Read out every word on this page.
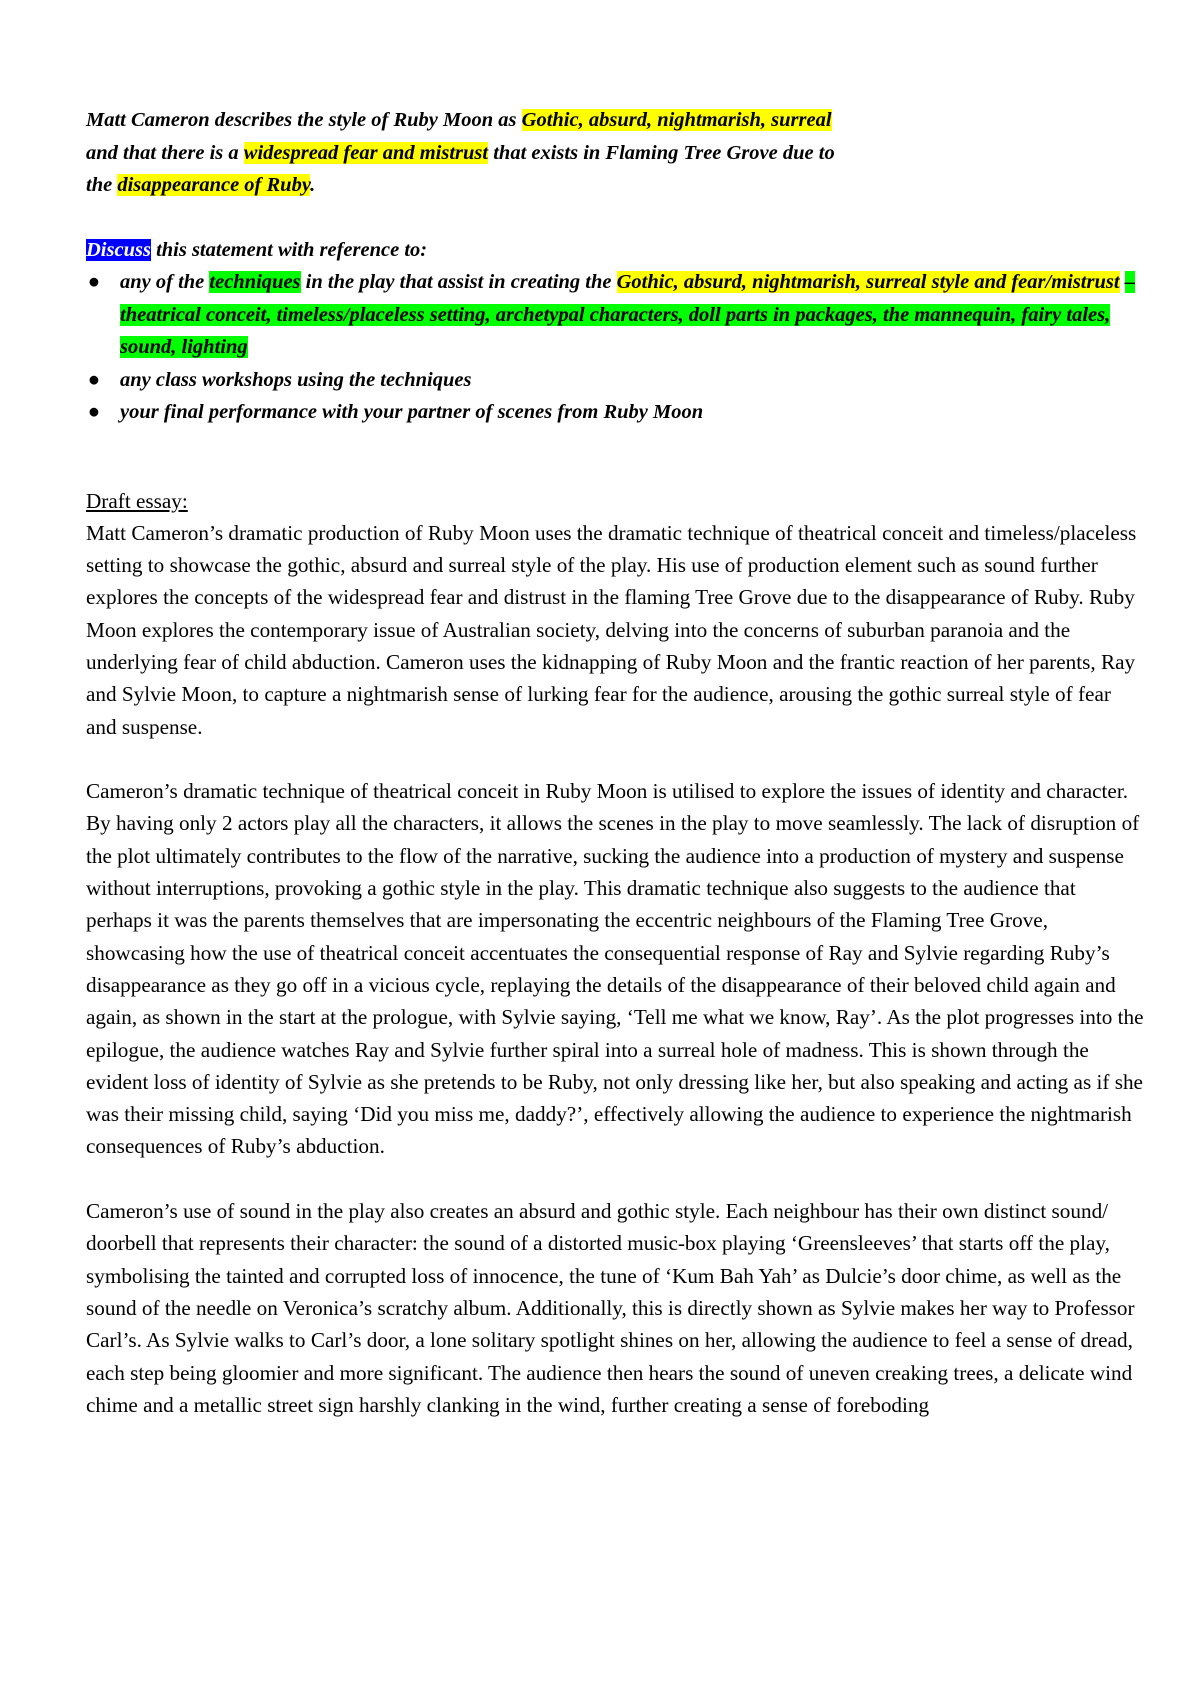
Matt Cameron describes the style of Ruby Moon as Gothic, absurd, nightmarish, surreal

and that there is a widespread fear and mistrust that exists in Flaming Tree Grove due to

the disappearance of Ruby.

Discuss this statement with reference to:

● any of the techniques in the play that assist in creating the Gothic, absurd, nightmarish, surreal style and fear/mistrust – theatrical conceit, timeless/placeless setting, archetypal characters, doll parts in packages, the mannequin, fairy tales, sound, lighting
● any class workshops using the techniques
● your final performance with your partner of scenes from Ruby Moon

Draft essay:

Matt Cameron’s dramatic production of Ruby Moon uses the dramatic technique of theatrical conceit and timeless/placeless setting to showcase the gothic, absurd and surreal style of the play. His use of production element such as sound further explores the concepts of the widespread fear and distrust in the flaming Tree Grove due to the disappearance of Ruby. Ruby Moon explores the contemporary issue of Australian society, delving into the concerns of suburban paranoia and the underlying fear of child abduction. Cameron uses the kidnapping of Ruby Moon and the frantic reaction of her parents, Ray and Sylvie Moon, to capture a nightmarish sense of lurking fear for the audience, arousing the gothic surreal style of fear and suspense.

Cameron’s dramatic technique of theatrical conceit in Ruby Moon is utilised to explore the issues of identity and character. By having only 2 actors play all the characters, it allows the scenes in the play to move seamlessly. The lack of disruption of the plot ultimately contributes to the flow of the narrative, sucking the audience into a production of mystery and suspense without interruptions, provoking a gothic style in the play. This dramatic technique also suggests to the audience that perhaps it was the parents themselves that are impersonating the eccentric neighbours of the Flaming Tree Grove, showcasing how the use of theatrical conceit accentuates the consequential response of Ray and Sylvie regarding Ruby’s disappearance as they go off in a vicious cycle, replaying the details of the disappearance of their beloved child again and again, as shown in the start at the prologue, with Sylvie saying, ‘Tell me what we know, Ray’. As the plot progresses into the epilogue, the audience watches Ray and Sylvie further spiral into a surreal hole of madness. This is shown through the evident loss of identity of Sylvie as she pretends to be Ruby, not only dressing like her, but also speaking and acting as if she was their missing child, saying ‘Did you miss me, daddy?’, effectively allowing the audience to experience the nightmarish consequences of Ruby’s abduction.

Cameron’s use of sound in the play also creates an absurd and gothic style. Each neighbour has their own distinct sound/ doorbell that represents their character: the sound of a distorted music-box playing ‘Greensleeves’ that starts off the play, symbolising the tainted and corrupted loss of innocence, the tune of ‘Kum Bah Yah’ as Dulcie’s door chime, as well as the sound of the needle on Veronica’s scratchy album. Additionally, this is directly shown as Sylvie makes her way to Professor Carl’s. As Sylvie walks to Carl’s door, a lone solitary spotlight shines on her, allowing the audience to feel a sense of dread, each step being gloomier and more significant. The audience then hears the sound of uneven creaking trees, a delicate wind chime and a metallic street sign harshly clanking in the wind, further creating a sense of foreboding
